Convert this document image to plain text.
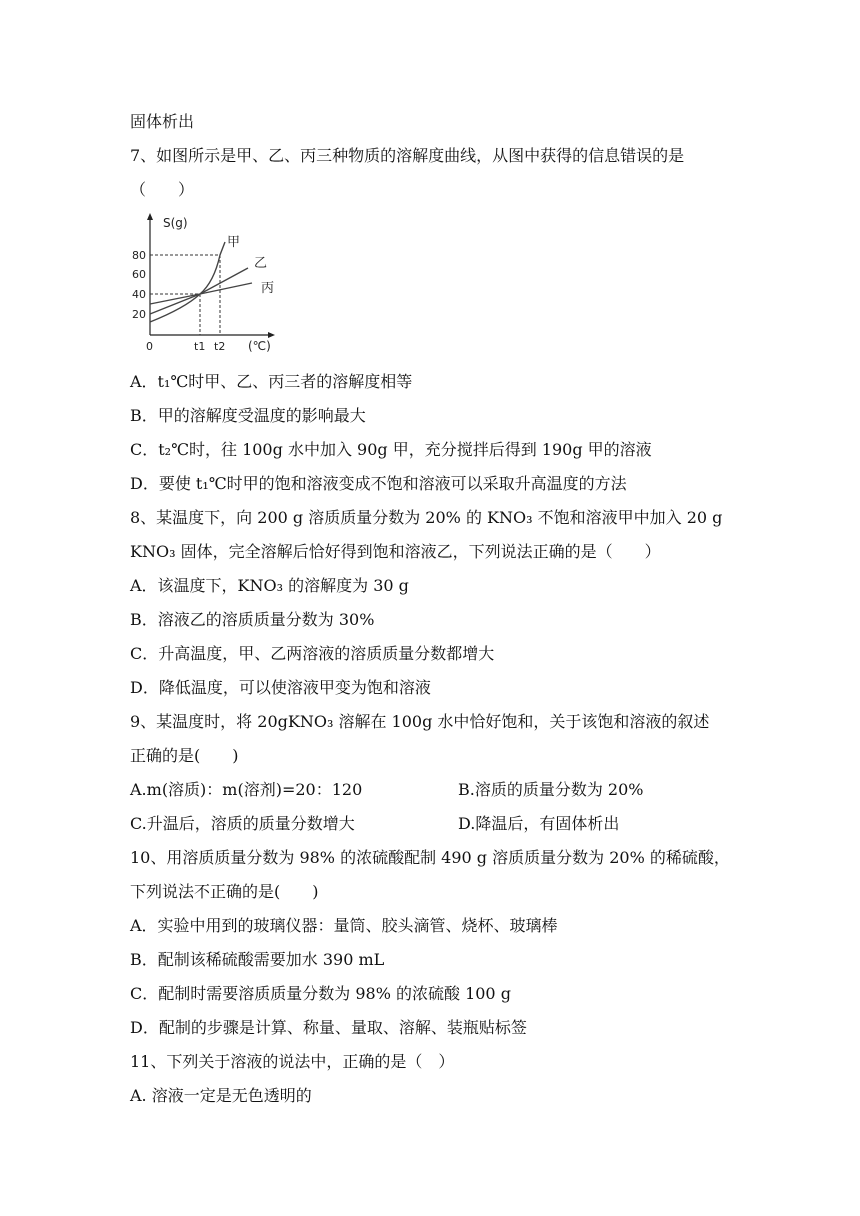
固体析出
7、如图所示是甲、乙、丙三种物质的溶解度曲线，从图中获得的信息错误的是
（　　）
S(g)
(℃)
0
80
60
40
20
t1 t2
甲
乙
丙
A．t₁℃时甲、乙、丙三者的溶解度相等
B．甲的溶解度受温度的影响最大
C．t₂℃时，往 100g 水中加入 90g 甲，充分搅拌后得到 190g 甲的溶液
D．要使 t₁℃时甲的饱和溶液变成不饱和溶液可以采取升高温度的方法
8、某温度下，向 200 g 溶质质量分数为 20% 的 KNO₃ 不饱和溶液甲中加入 20 g
KNO₃ 固体，完全溶解后恰好得到饱和溶液乙，下列说法正确的是（　　）
A．该温度下，KNO₃ 的溶解度为 30 g
B．溶液乙的溶质质量分数为 30%
C．升高温度，甲、乙两溶液的溶质质量分数都增大
D．降低温度，可以使溶液甲变为饱和溶液
9、某温度时，将 20gKNO₃ 溶解在 100g 水中恰好饱和，关于该饱和溶液的叙述
正确的是(　　)
A.m(溶质)：m(溶剂)=20：120	B.溶质的质量分数为 20%
C.升温后，溶质的质量分数增大	D.降温后，有固体析出
10、用溶质质量分数为 98% 的浓硫酸配制 490 g 溶质质量分数为 20% 的稀硫酸，
下列说法不正确的是(　　)
A．实验中用到的玻璃仪器：量筒、胶头滴管、烧杯、玻璃棒
B．配制该稀硫酸需要加水 390 mL
C．配制时需要溶质质量分数为 98% 的浓硫酸 100 g
D．配制的步骤是计算、称量、量取、溶解、装瓶贴标签
11、下列关于溶液的说法中，正确的是（　）
A. 溶液一定是无色透明的
